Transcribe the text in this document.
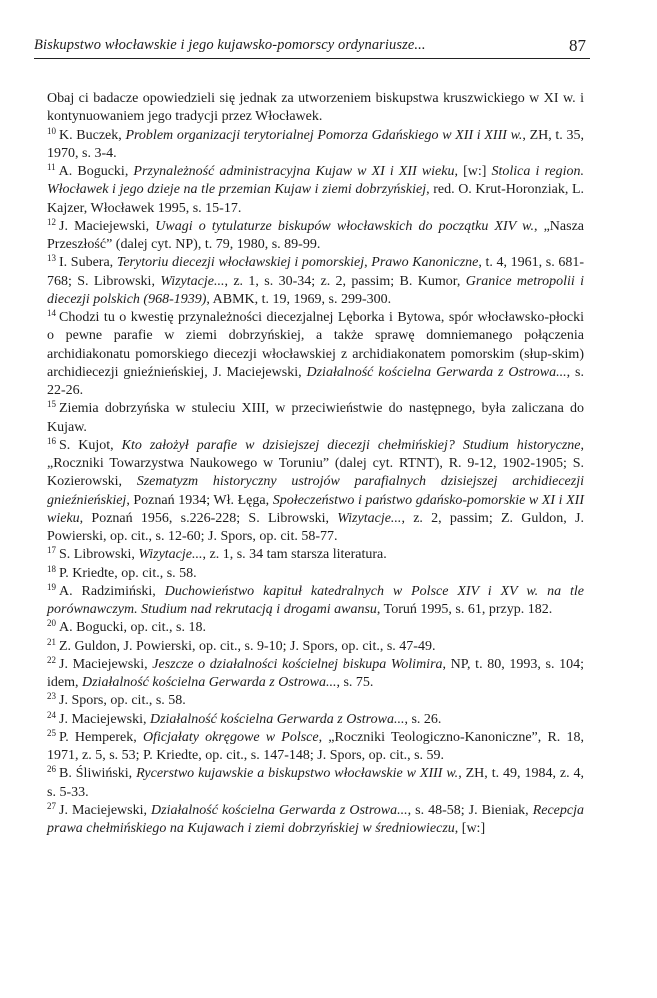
Biskupstwo włocławskie i jego kujawsko-pomorscy ordynariusze...	87

Obaj ci badacze opowiedzieli się jednak za utworzeniem biskupstwa kruszwickiego w XI w. i kontynuowaniem jego tradycji przez Włocławek.

$^{10}$ K. Buczek, Problem organizacji terytorialnej Pomorza Gdańskiego w XII i XIII w., ZH, t. 35, 1970, s. 3-4.

$^{11}$ A. Bogucki, Przynależność administracyjna Kujaw w XI i XII wieku, [w:] Stolica i region. Włocławek i jego dzieje na tle przemian Kujaw i ziemi dobrzyńskiej, red. O. Krut-Horonziak, L. Kajzer, Włocławek 1995, s. 15-17.

$^{12}$ J. Maciejewski, Uwagi o tytulaturze biskupów włocławskich do początku XIV w., „Nasza Przeszłość” (dalej cyt. NP), t. 79, 1980, s. 89-99.

$^{13}$ I. Subera, Terytoriu diecezji włocławskiej i pomorskiej, Prawo Kanoniczne, t. 4, 1961, s. 681-768; S. Librowski, Wizytacje..., z. 1, s. 30-34; z. 2, passim; B. Kumor, Granice metropolii i diecezji polskich (968-1939), ABMK, t. 19, 1969, s. 299-300.

$^{14}$ Chodzi tu o kwestię przynależności diecezjalnej Lęborka i Bytowa, spór włocławsko-płocki o pewne parafie w ziemi dobrzyńskiej, a także sprawę domniemanego połączenia archidiakonatu pomorskiego diecezji włocławskiej z archidiakonatem pomorskim (słup-skim) archidiecezji gnieźnieńskiej, J. Maciejewski, Działalność kościelna Gerwarda z Ostrowa..., s. 22-26.

$^{15}$ Ziemia dobrzyńska w stuleciu XIII, w przeciwieństwie do następnego, była zaliczana do Kujaw.

$^{16}$ S. Kujot, Kto założył parafie w dzisiejszej diecezji chełmińskiej? Studium historyczne, „Roczniki Towarzystwa Naukowego w Toruniu” (dalej cyt. RTNT), R. 9-12, 1902-1905; S. Kozierowski, Szematyzm historyczny ustrojów parafialnych dzisiejszej archidiecezji gnieźnieńskiej, Poznań 1934; Wł. Łęga, Społeczeństwo i państwo gdańsko-pomorskie w XI i XII wieku, Poznań 1956, s.226-228; S. Librowski, Wizytacje..., z. 2, passim; Z. Guldon, J. Powierski, op. cit., s. 12-60; J. Spors, op. cit. 58-77.

$^{17}$ S. Librowski, Wizytacje..., z. 1, s. 34 tam starsza literatura.

$^{18}$ P. Kriedte, op. cit., s. 58.

$^{19}$ A. Radzimiński, Duchowieństwo kapituł katedralnych w Polsce XIV i XV w. na tle porównawczym. Studium nad rekrutacją i drogami awansu, Toruń 1995, s. 61, przyp. 182.

$^{20}$ A. Bogucki, op. cit., s. 18.

$^{21}$ Z. Guldon, J. Powierski, op. cit., s. 9-10; J. Spors, op. cit., s. 47-49.

$^{22}$ J. Maciejewski, Jeszcze o działalności kościelnej biskupa Wolimira, NP, t. 80, 1993, s. 104; idem, Działalność kościelna Gerwarda z Ostrowa..., s. 75.

$^{23}$ J. Spors, op. cit., s. 58.

$^{24}$ J. Maciejewski, Działalność kościelna Gerwarda z Ostrowa..., s. 26.

$^{25}$ P. Hemperek, Oficjałaty okręgowe w Polsce, „Roczniki Teologiczno-Kanoniczne”, R. 18, 1971, z. 5, s. 53; P. Kriedte, op. cit., s. 147-148; J. Spors, op. cit., s. 59.

$^{26}$ B. Śliwiński, Rycerstwo kujawskie a biskupstwo włocławskie w XIII w., ZH, t. 49, 1984, z. 4, s. 5-33.

$^{27}$ J. Maciejewski, Działalność kościelna Gerwarda z Ostrowa..., s. 48-58; J. Bieniak, Recepcja prawa chełmińskiego na Kujawach i ziemi dobrzyńskiej w średniowieczu, [w:]
